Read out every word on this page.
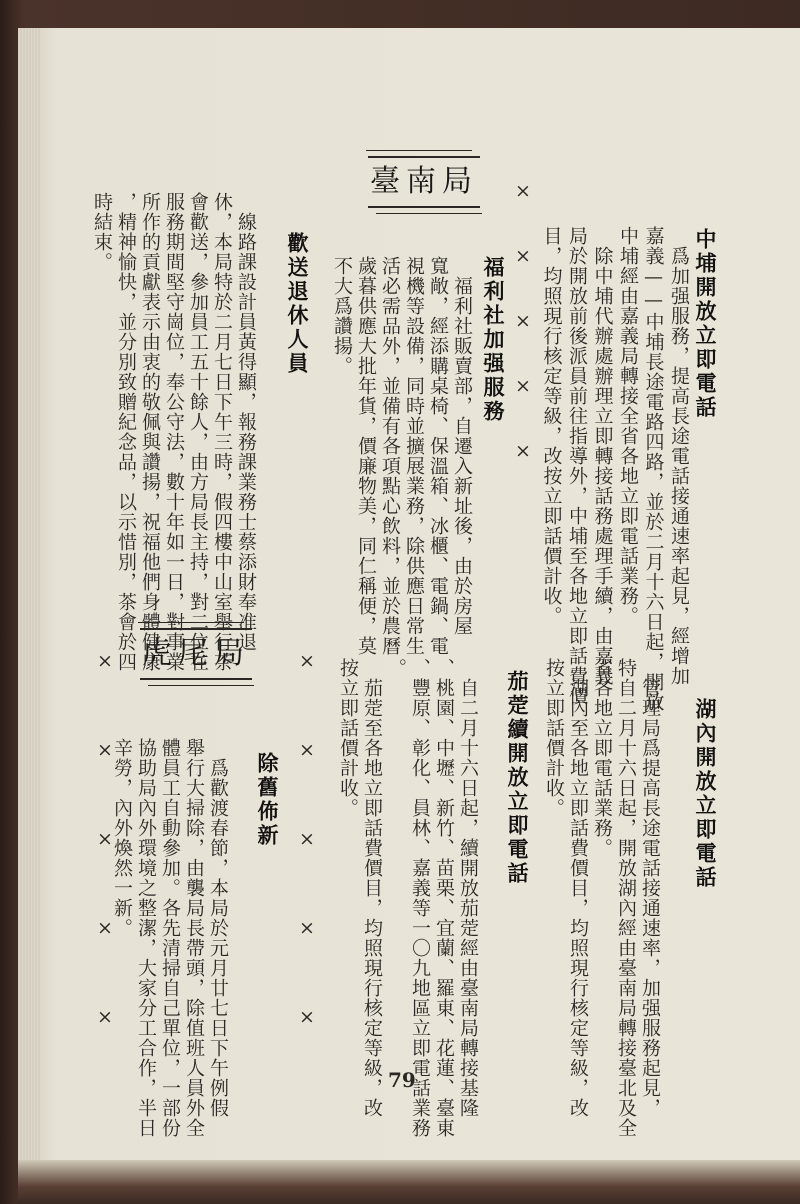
中埔開放立即電話

　爲加强服務，提高長途電話接通速率起見，經增加
嘉義——中埔長途電路四路，並於二月十六日起，開放
中埔經由嘉義局轉接全省各地立即電話業務。
　除中埔代辦處辦理立即轉接話務處理手續，由嘉義
局於開放前後派員前往指導外，中埔至各地立即話費價
目，均照現行核定等級，改按立即話價計收。

×　×　×　×　×
臺南局
福利社加强服務

　福利社販賣部，自遷入新址後，由於房屋
寬敞，經添購桌椅、保溫箱、冰櫃、電鍋、電
視機等設備，同時並擴展業務，除供應日常生
活必需品外，並備有各項點心飲料，並於農曆
歲暮供應大批年貨，價廉物美，同仁稱便，莫
不大爲讚揚。

歡送退休人員

　線路課設計員黃得顯，報務課業務士蔡添財奉准退
休，本局特於二月七日下午三時，假四樓中山室舉行茶
會歡送，參加員工五十餘人，由方局長主持，對二位在
服務期間堅守崗位，奉公守法，數十年如一日，對事業
所作的貢獻表示由衷的敬佩與讚揚，祝福他們身體健康
，精神愉快，並分別致贈紀念品，以示惜別，茶會於四
時結束。

湖內開放立即電話

　管理局爲提高長途電話接通速率，加强服務起見，
特自二月十六日起，開放湖內經由臺南局轉接臺北及全
省各地立即電話業務。
　湖內至各地立即話費價目，均照現行核定等級，改
按立即話價計收。

茄萣續開放立即電話

　自二月十六日起，續開放茄萣經由臺南局轉接基隆
、桃園、中壢、新竹、苗栗、宜蘭、羅東、花蓮、臺東
、豐原、彰化、員林、嘉義等一〇九地區立即電話業務
。
　茄萣至各地立即話費價目，均照現行核定等級，改
按立即話價計收。

×　×　×　×　×
虎尾局
除舊佈新

　爲歡渡春節，本局於元月廿七日下午例假
舉行大掃除，由襲局長帶頭，除值班人員外全
體員工自動參加。各先清掃自己單位，一部份
協助局內外環境之整潔，大家分工合作，半日
辛勞，內外煥然一新。

×　×　×　×　×
79
